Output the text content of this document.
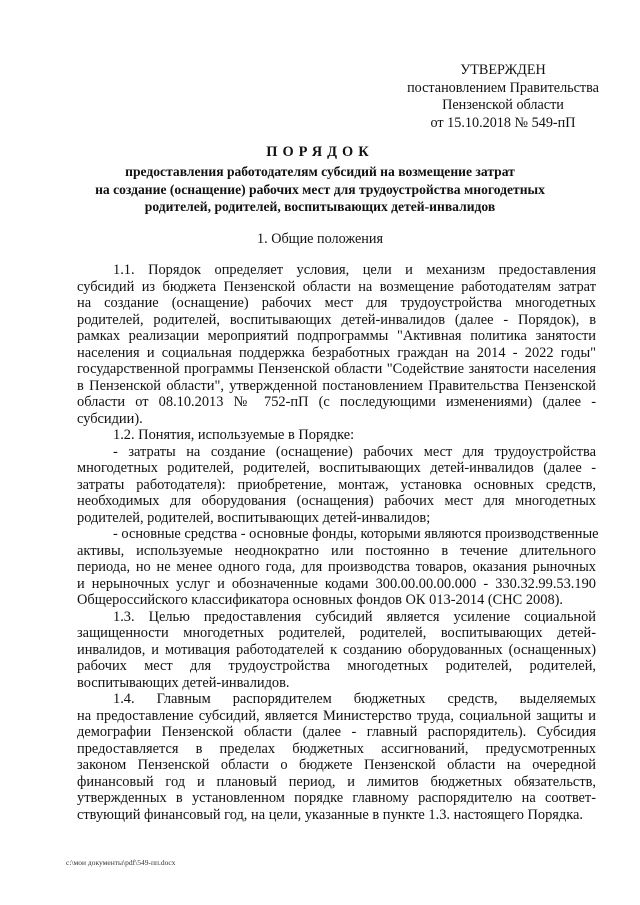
УТВЕРЖДЕН
постановлением Правительства
Пензенской области
от 15.10.2018 № 549-пП
ПОРЯДОК
предоставления работодателям субсидий на возмещение затрат
на создание (оснащение) рабочих мест для трудоустройства многодетных
родителей, родителей, воспитывающих детей-инвалидов
1. Общие положения
1.1. Порядок определяет условия, цели и механизм предоставления
субсидий из бюджета Пензенской области на возмещение работодателям затрат
на создание (оснащение) рабочих мест для трудоустройства многодетных
родителей, родителей, воспитывающих детей-инвалидов (далее - Порядок), в
рамках реализации мероприятий подпрограммы "Активная политика занятости
населения и социальная поддержка безработных граждан на 2014 - 2022 годы"
государственной программы Пензенской области "Содействие занятости населения
в Пензенской области", утвержденной постановлением Правительства Пензенской
области от 08.10.2013 № 752-пП (с последующими изменениями) (далее -
субсидии).
1.2. Понятия, используемые в Порядке:
- затраты на создание (оснащение) рабочих мест для трудоустройства
многодетных родителей, родителей, воспитывающих детей-инвалидов (далее -
затраты работодателя): приобретение, монтаж, установка основных средств,
необходимых для оборудования (оснащения) рабочих мест для многодетных
родителей, родителей, воспитывающих детей-инвалидов;
- основные средства - основные фонды, которыми являются производственные
активы, используемые неоднократно или постоянно в течение длительного
периода, но не менее одного года, для производства товаров, оказания рыночных
и нерыночных услуг и обозначенные кодами 300.00.00.00.000 - 330.32.99.53.190
Общероссийского классификатора основных фондов ОК 013-2014 (СНС 2008).
1.3. Целью предоставления субсидий является усиление социальной
защищенности многодетных родителей, родителей, воспитывающих детей-
инвалидов, и мотивация работодателей к созданию оборудованных (оснащенных)
рабочих мест для трудоустройства многодетных родителей, родителей,
воспитывающих детей-инвалидов.
1.4. Главным распорядителем бюджетных средств, выделяемых
на предоставление субсидий, является Министерство труда, социальной защиты и
демографии Пензенской области (далее - главный распорядитель). Субсидия
предоставляется в пределах бюджетных ассигнований, предусмотренных
законом Пензенской области о бюджете Пензенской области на очередной
финансовый год и плановый период, и лимитов бюджетных обязательств,
утвержденных в установленном порядке главному распорядителю на соответ-
ствующий финансовый год, на цели, указанные в пункте 1.3. настоящего Порядка.
c:\мои документы\pdf\549-пп.docx
